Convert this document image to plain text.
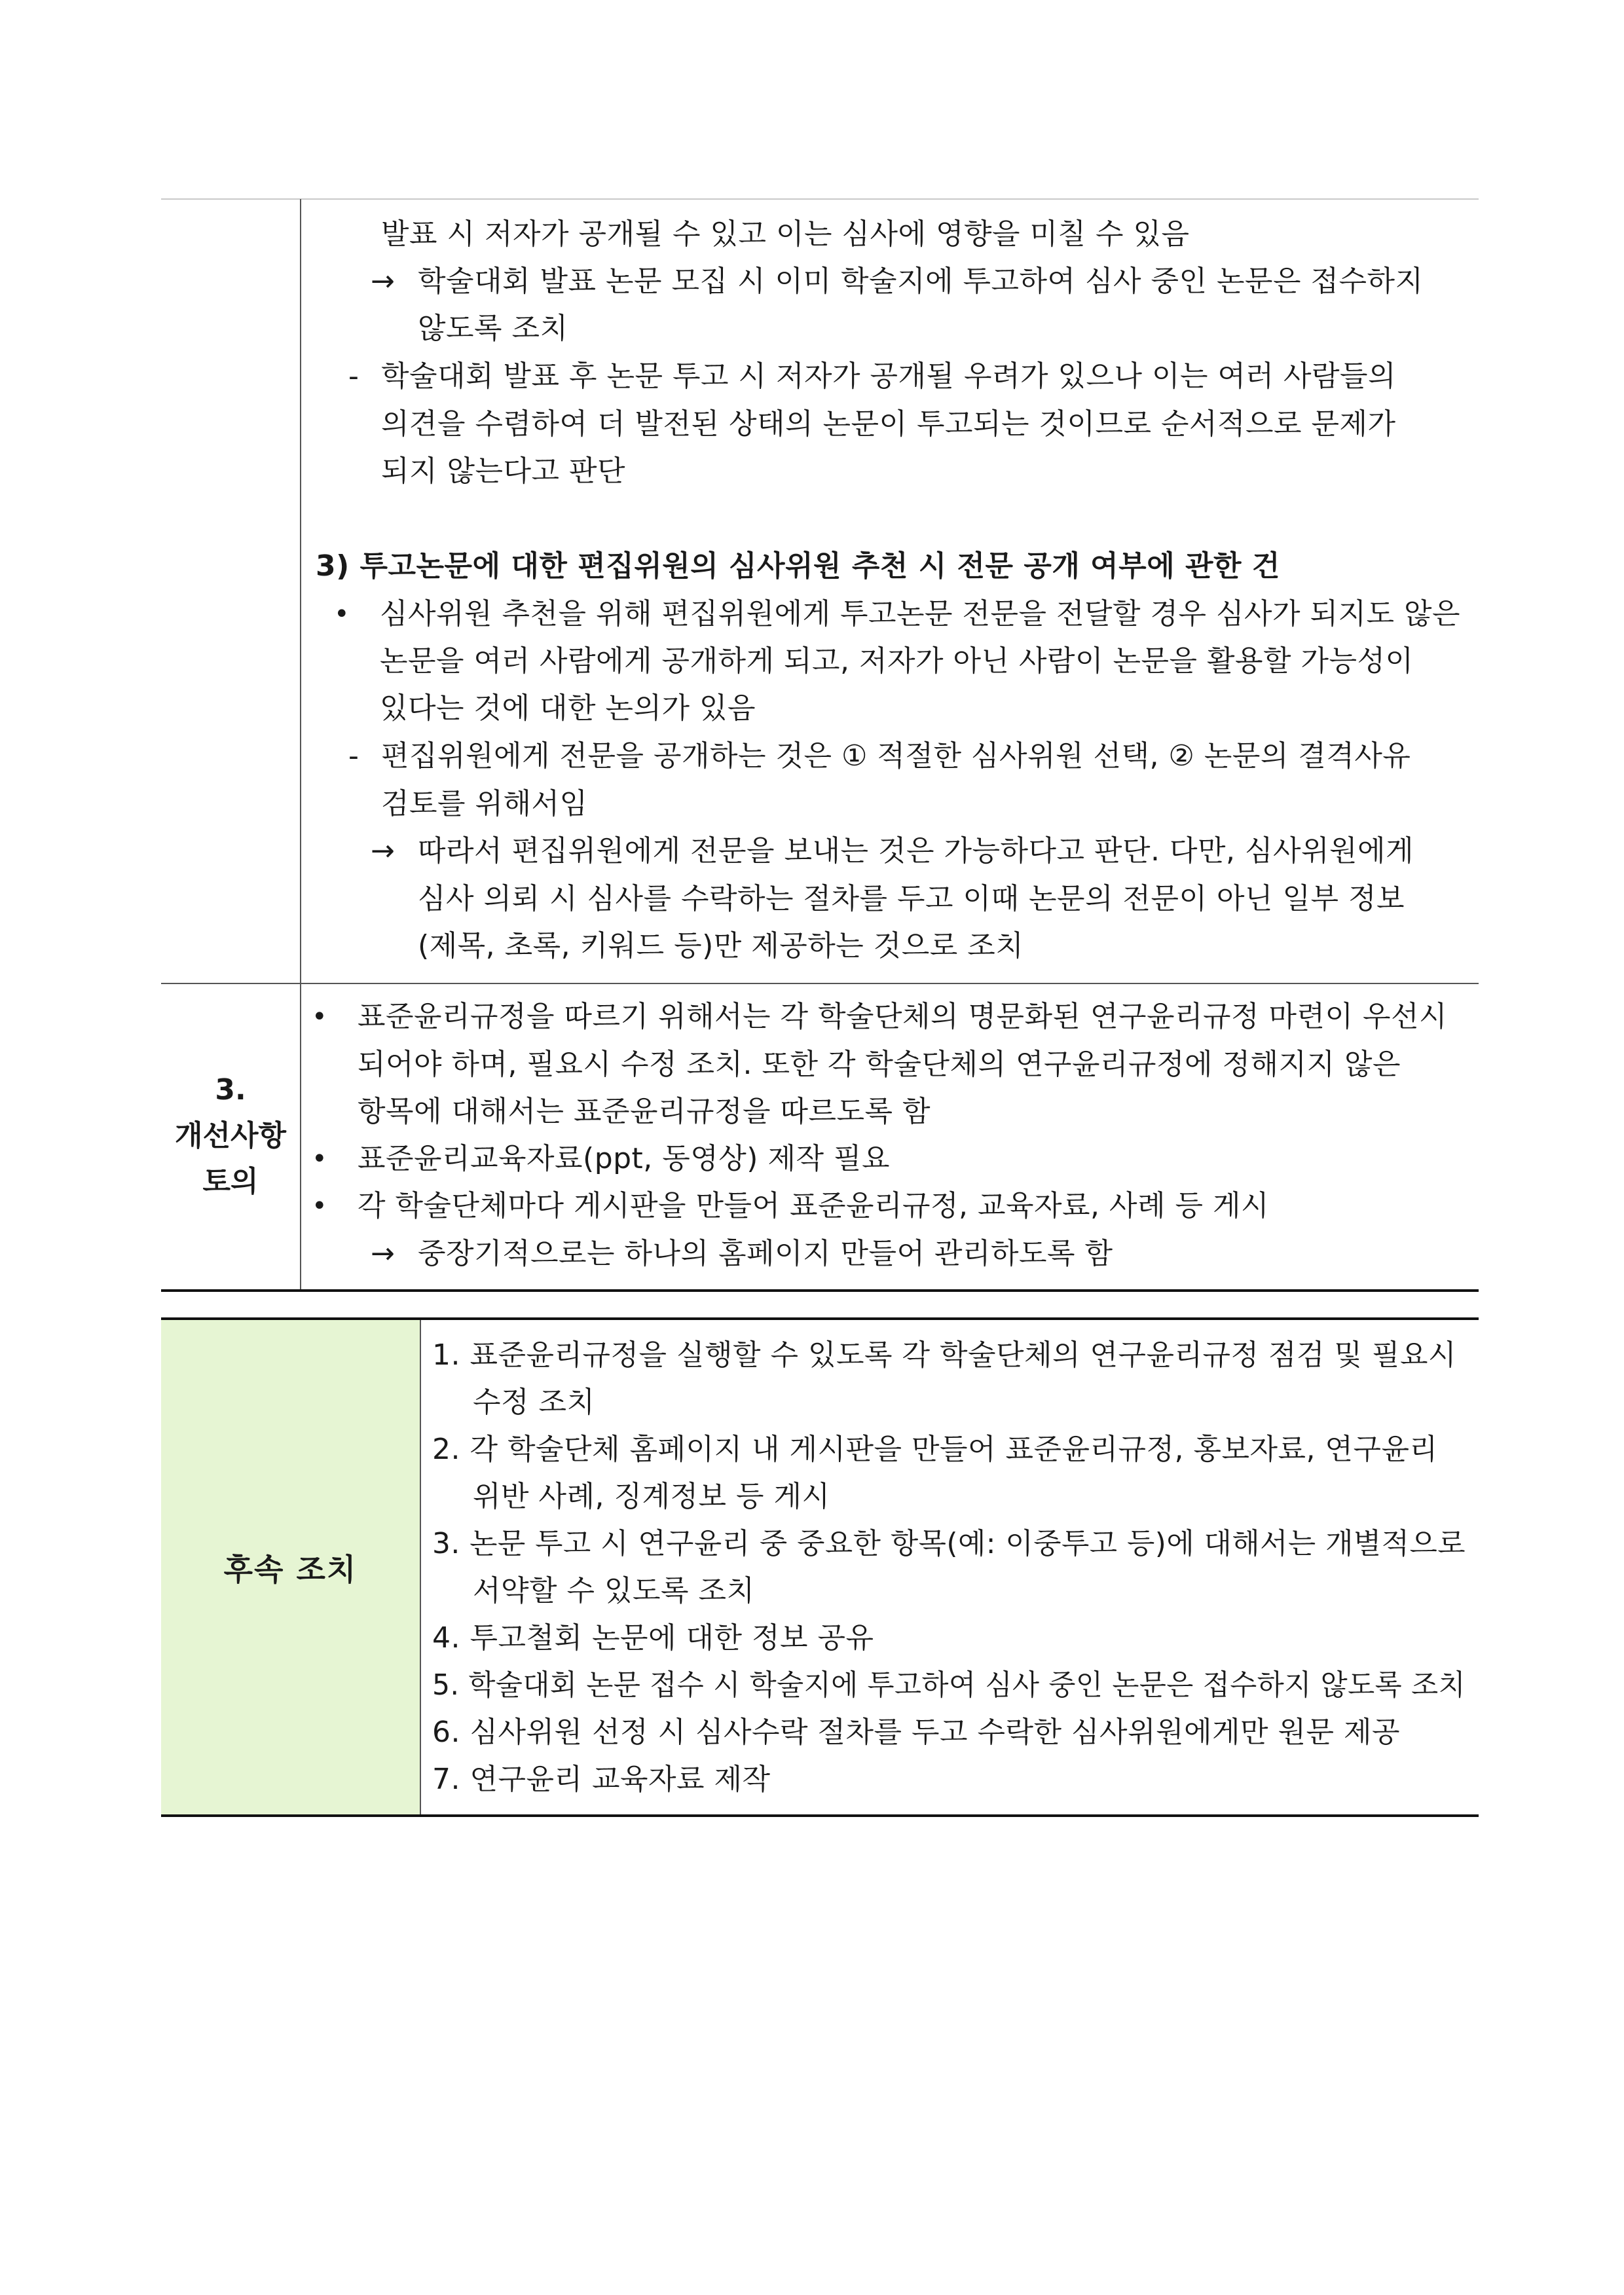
발표 시 저자가 공개될 수 있고 이는 심사에 영향을 미칠 수 있음
→ 학술대회 발표 논문 모집 시 이미 학술지에 투고하여 심사 중인 논문은 접수하지
않도록 조치
- 학술대회 발표 후 논문 투고 시 저자가 공개될 우려가 있으나 이는 여러 사람들의
의견을 수렴하여 더 발전된 상태의 논문이 투고되는 것이므로 순서적으로 문제가
되지 않는다고 판단
3) 투고논문에 대한 편집위원의 심사위원 추천 시 전문 공개 여부에 관한 건
• 심사위원 추천을 위해 편집위원에게 투고논문 전문을 전달할 경우 심사가 되지도 않은
논문을 여러 사람에게 공개하게 되고, 저자가 아닌 사람이 논문을 활용할 가능성이
있다는 것에 대한 논의가 있음
- 편집위원에게 전문을 공개하는 것은 ① 적절한 심사위원 선택, ② 논문의 결격사유
검토를 위해서임
→ 따라서 편집위원에게 전문을 보내는 것은 가능하다고 판단. 다만, 심사위원에게
심사 의뢰 시 심사를 수락하는 절차를 두고 이때 논문의 전문이 아닌 일부 정보
(제목, 초록, 키워드 등)만 제공하는 것으로 조치
3.
개선사항
토의
• 표준윤리규정을 따르기 위해서는 각 학술단체의 명문화된 연구윤리규정 마련이 우선시
되어야 하며, 필요시 수정 조치. 또한 각 학술단체의 연구윤리규정에 정해지지 않은
항목에 대해서는 표준윤리규정을 따르도록 함
• 표준윤리교육자료(ppt, 동영상) 제작 필요
• 각 학술단체마다 게시판을 만들어 표준윤리규정, 교육자료, 사례 등 게시
→ 중장기적으로는 하나의 홈페이지 만들어 관리하도록 함
후속 조치
1. 표준윤리규정을 실행할 수 있도록 각 학술단체의 연구윤리규정 점검 및 필요시
수정 조치
2. 각 학술단체 홈페이지 내 게시판을 만들어 표준윤리규정, 홍보자료, 연구윤리
위반 사례, 징계정보 등 게시
3. 논문 투고 시 연구윤리 중 중요한 항목(예: 이중투고 등)에 대해서는 개별적으로
서약할 수 있도록 조치
4. 투고철회 논문에 대한 정보 공유
5. 학술대회 논문 접수 시 학술지에 투고하여 심사 중인 논문은 접수하지 않도록 조치
6. 심사위원 선정 시 심사수락 절차를 두고 수락한 심사위원에게만 원문 제공
7. 연구윤리 교육자료 제작
